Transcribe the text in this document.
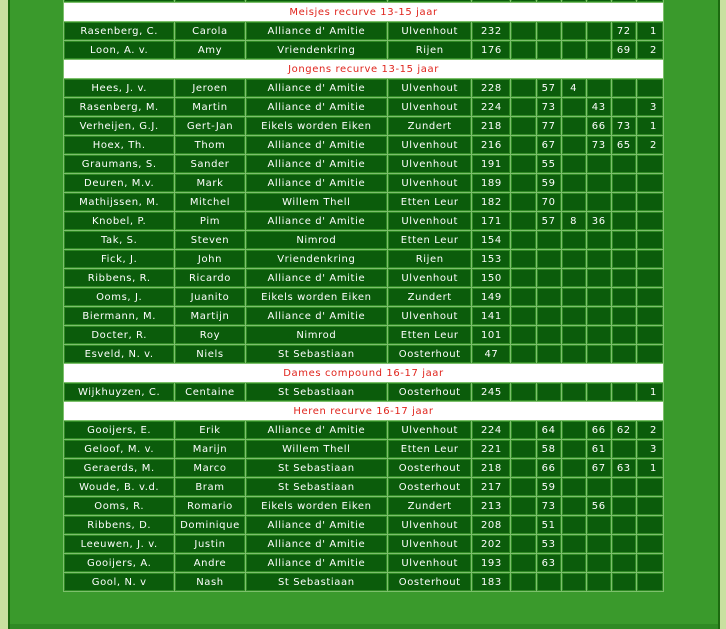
Meisjes recurve 13-15 jaar										
Rasenberg, C.	Carola	Alliance d' Amitie	Ulvenhout	232					72	1
Loon, A. v.	Amy	Vriendenkring	Rijen	176					69	2
Jongens recurve 13-15 jaar										
Hees, J. v.	Jeroen	Alliance d' Amitie	Ulvenhout	228		57	4			
Rasenberg, M.	Martin	Alliance d' Amitie	Ulvenhout	224		73		43		3
Verheijen, G.J.	Gert-Jan	Eikels worden Eiken	Zundert	218		77		66	73	1
Hoex, Th.	Thom	Alliance d' Amitie	Ulvenhout	216		67		73	65	2
Graumans, S.	Sander	Alliance d' Amitie	Ulvenhout	191		55				
Deuren, M.v.	Mark	Alliance d' Amitie	Ulvenhout	189		59				
Mathijssen, M.	Mitchel	Willem Thell	Etten Leur	182		70				
Knobel, P.	Pim	Alliance d' Amitie	Ulvenhout	171		57	8	36		
Tak, S.	Steven	Nimrod	Etten Leur	154						
Fick, J.	John	Vriendenkring	Rijen	153						
Ribbens, R.	Ricardo	Alliance d' Amitie	Ulvenhout	150						
Ooms, J.	Juanito	Eikels worden Eiken	Zundert	149						
Biermann, M.	Martijn	Alliance d' Amitie	Ulvenhout	141						
Docter, R.	Roy	Nimrod	Etten Leur	101						
Esveld, N. v.	Niels	St Sebastiaan	Oosterhout	47						
Dames compound 16-17 jaar										
Wijkhuyzen, C.	Centaine	St Sebastiaan	Oosterhout	245						1
Heren recurve 16-17 jaar										
Gooijers, E.	Erik	Alliance d' Amitie	Ulvenhout	224		64		66	62	2
Geloof, M. v.	Marijn	Willem Thell	Etten Leur	221		58		61		3
Geraerds, M.	Marco	St Sebastiaan	Oosterhout	218		66		67	63	1
Woude, B. v.d.	Bram	St Sebastiaan	Oosterhout	217		59				
Ooms, R.	Romario	Eikels worden Eiken	Zundert	213		73		56		
Ribbens, D.	Dominique	Alliance d' Amitie	Ulvenhout	208		51				
Leeuwen, J. v.	Justin	Alliance d' Amitie	Ulvenhout	202		53				
Gooijers, A.	Andre	Alliance d' Amitie	Ulvenhout	193		63				
Gool, N. v	Nash	St Sebastiaan	Oosterhout	183						
